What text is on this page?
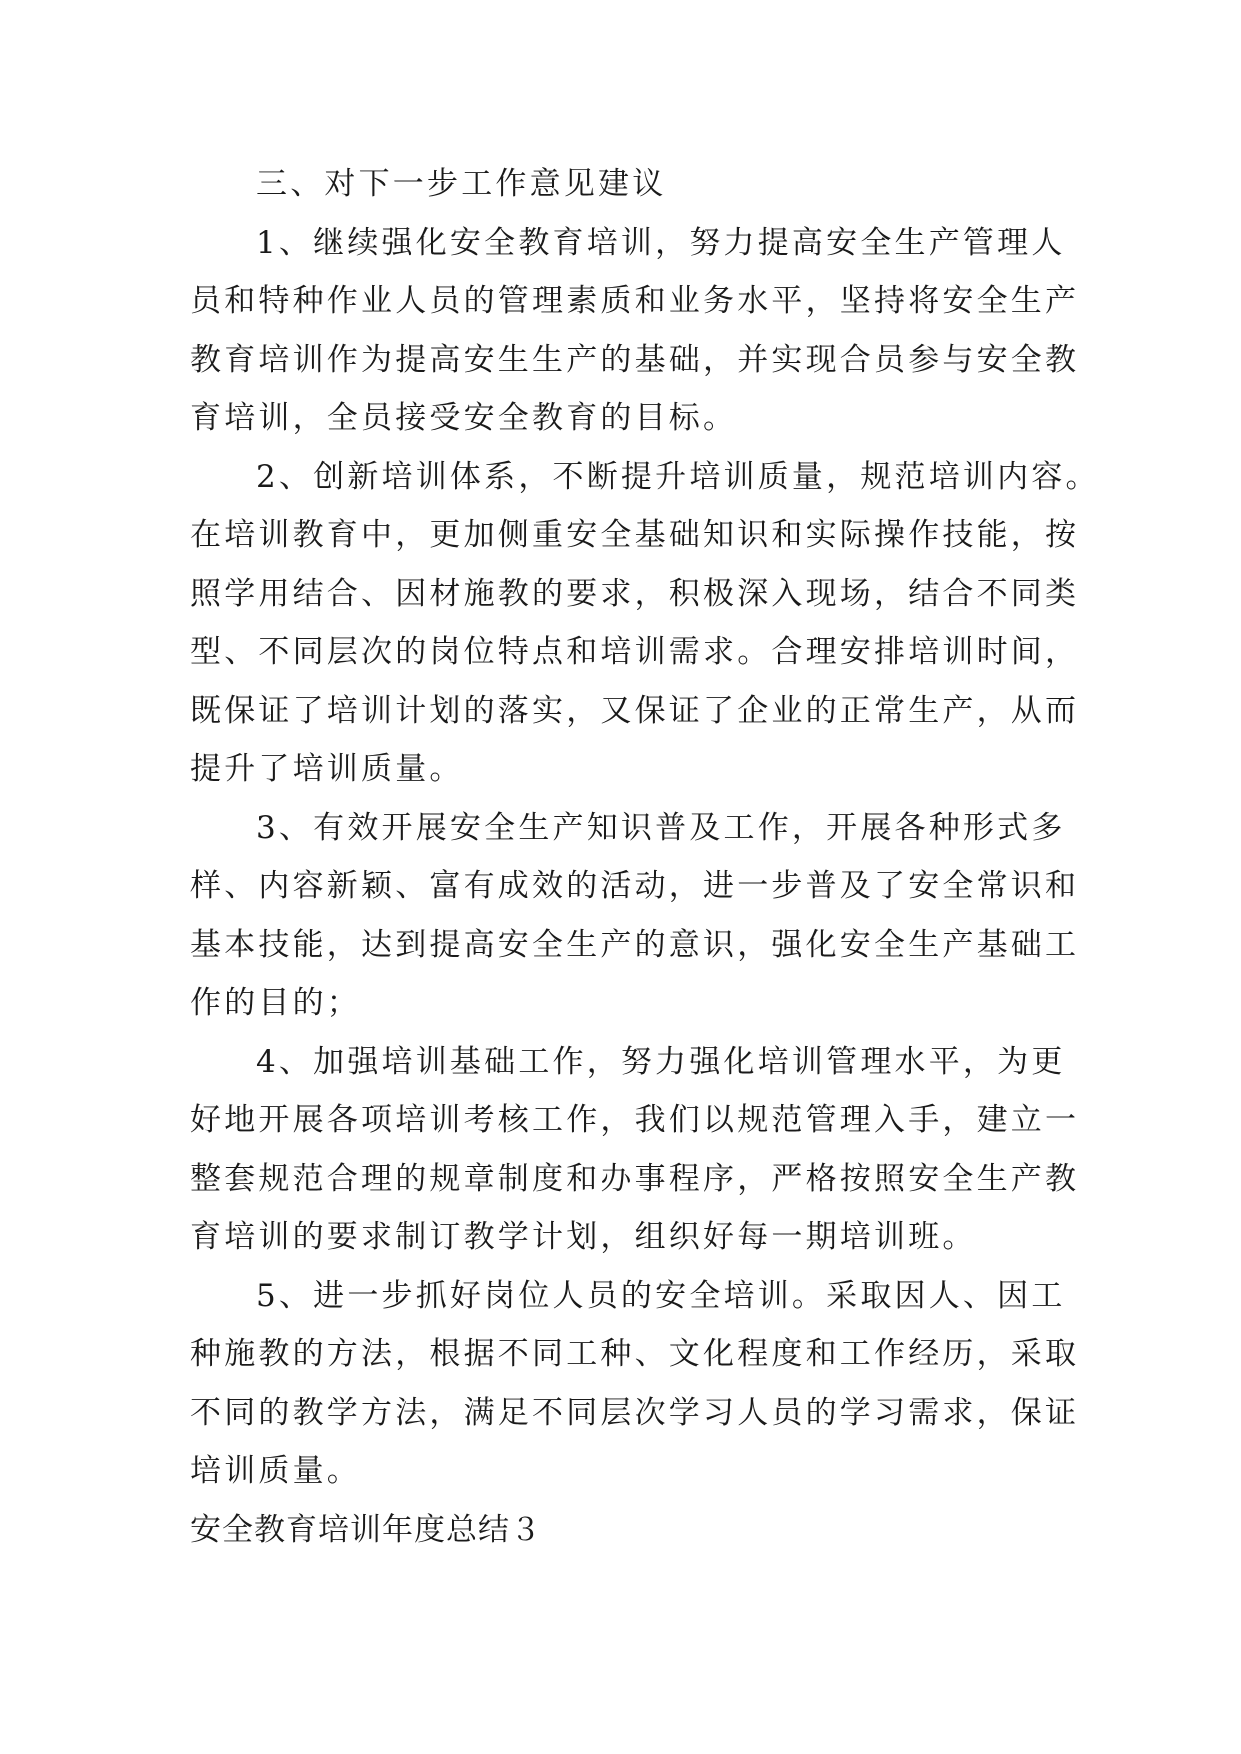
三、对下一步工作意见建议
1、继续强化安全教育培训，努力提高安全生产管理人
员和特种作业人员的管理素质和业务水平，坚持将安全生产
教育培训作为提高安生生产的基础，并实现合员参与安全教
育培训，全员接受安全教育的目标。
2、创新培训体系，不断提升培训质量，规范培训内容。
在培训教育中，更加侧重安全基础知识和实际操作技能，按
照学用结合、因材施教的要求，积极深入现场，结合不同类
型、不同层次的岗位特点和培训需求。合理安排培训时间，
既保证了培训计划的落实，又保证了企业的正常生产，从而
提升了培训质量。
3、有效开展安全生产知识普及工作，开展各种形式多
样、内容新颖、富有成效的活动，进一步普及了安全常识和
基本技能，达到提高安全生产的意识，强化安全生产基础工
作的目的；
4、加强培训基础工作，努力强化培训管理水平，为更
好地开展各项培训考核工作，我们以规范管理入手，建立一
整套规范合理的规章制度和办事程序，严格按照安全生产教
育培训的要求制订教学计划，组织好每一期培训班。
5、进一步抓好岗位人员的安全培训。采取因人、因工
种施教的方法，根据不同工种、文化程度和工作经历，采取
不同的教学方法，满足不同层次学习人员的学习需求，保证
培训质量。
安全教育培训年度总结３
